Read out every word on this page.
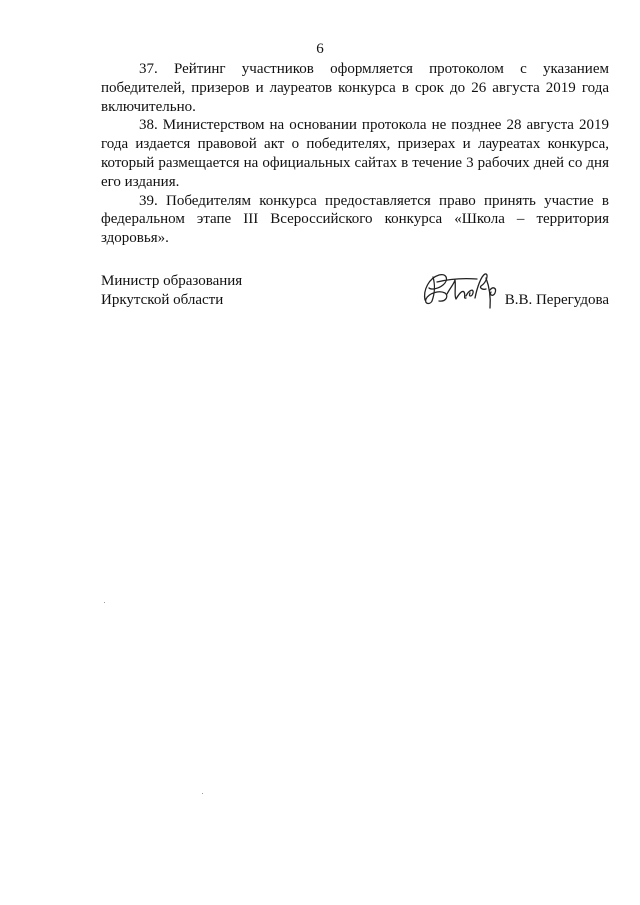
6

37. Рейтинг участников оформляется протоколом с указанием победителей, призеров и лауреатов конкурса в срок до 26 августа 2019 года включительно.

38. Министерством на основании протокола не позднее 28 августа 2019 года издается правовой акт о победителях, призерах и лауреатах конкурса, который размещается на официальных сайтах в течение 3 рабочих дней со дня его издания.

39. Победителям конкурса предоставляется право принять участие в федеральном этапе III Всероссийского конкурса «Школа – территория здоровья».

Министр образования
Иркутской области	В.В. Перегудова
